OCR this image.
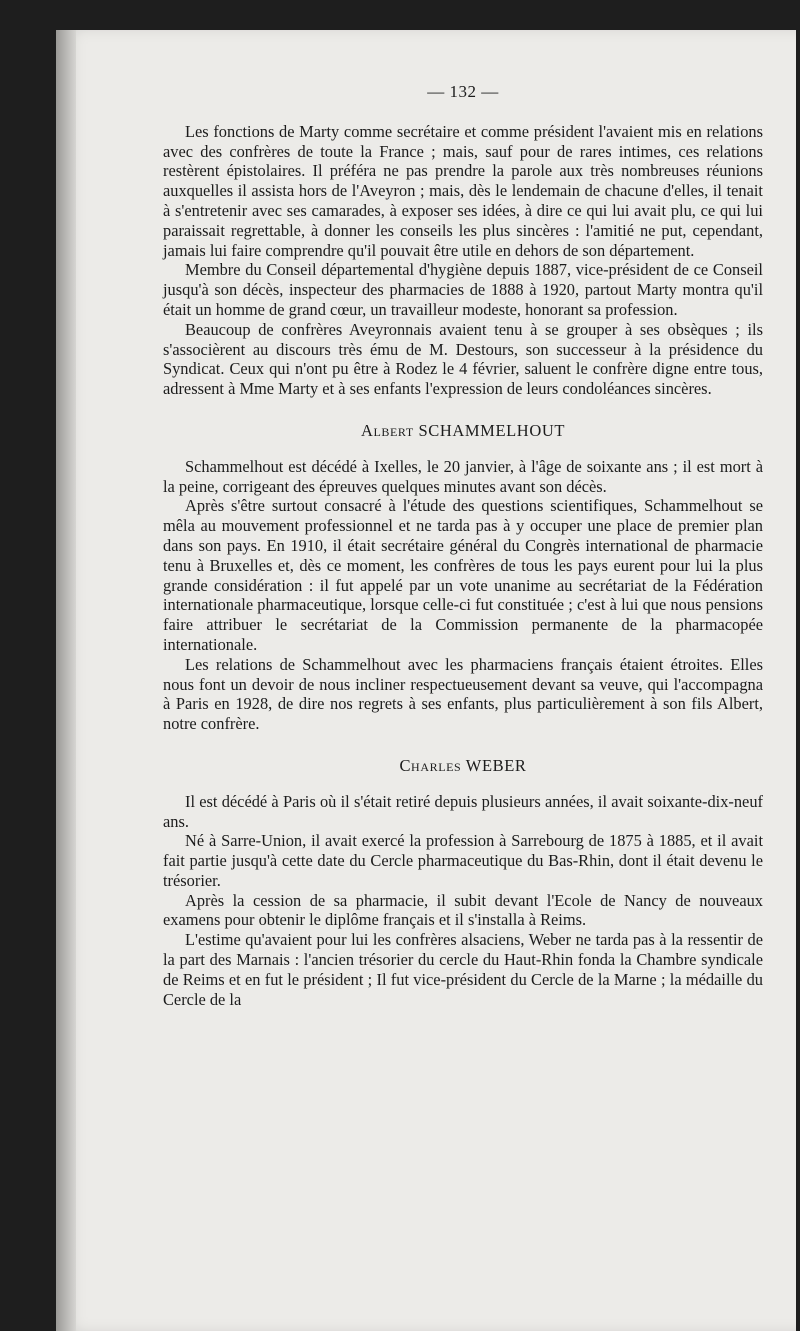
— 132 —

Les fonctions de Marty comme secrétaire et comme président l'avaient mis en relations avec des confrères de toute la France ; mais, sauf pour de rares intimes, ces relations restèrent épistolaires. Il préféra ne pas prendre la parole aux très nombreuses réunions auxquelles il assista hors de l'Aveyron ; mais, dès le lendemain de chacune d'elles, il tenait à s'entretenir avec ses camarades, à exposer ses idées, à dire ce qui lui avait plu, ce qui lui paraissait regrettable, à donner les conseils les plus sincères : l'amitié ne put, cependant, jamais lui faire comprendre qu'il pouvait être utile en dehors de son département.

Membre du Conseil départemental d'hygiène depuis 1887, vice-président de ce Conseil jusqu'à son décès, inspecteur des pharmacies de 1888 à 1920, partout Marty montra qu'il était un homme de grand cœur, un travailleur modeste, honorant sa profession.

Beaucoup de confrères Aveyronnais avaient tenu à se grouper à ses obsèques ; ils s'associèrent au discours très ému de M. Destours, son successeur à la présidence du Syndicat. Ceux qui n'ont pu être à Rodez le 4 février, saluent le confrère digne entre tous, adressent à Mme Marty et à ses enfants l'expression de leurs condoléances sincères.

Albert SCHAMMELHOUT

Schammelhout est décédé à Ixelles, le 20 janvier, à l'âge de soixante ans ; il est mort à la peine, corrigeant des épreuves quelques minutes avant son décès.

Après s'être surtout consacré à l'étude des questions scientifiques, Schammelhout se mêla au mouvement professionnel et ne tarda pas à y occuper une place de premier plan dans son pays. En 1910, il était secrétaire général du Congrès international de pharmacie tenu à Bruxelles et, dès ce moment, les confrères de tous les pays eurent pour lui la plus grande considération : il fut appelé par un vote unanime au secrétariat de la Fédération internationale pharmaceutique, lorsque celle-ci fut constituée ; c'est à lui que nous pensions faire attribuer le secrétariat de la Commission permanente de la pharmacopée internationale.

Les relations de Schammelhout avec les pharmaciens français étaient étroites. Elles nous font un devoir de nous incliner respectueusement devant sa veuve, qui l'accompagna à Paris en 1928, de dire nos regrets à ses enfants, plus particulièrement à son fils Albert, notre confrère.

Charles WEBER

Il est décédé à Paris où il s'était retiré depuis plusieurs années, il avait soixante-dix-neuf ans.

Né à Sarre-Union, il avait exercé la profession à Sarrebourg de 1875 à 1885, et il avait fait partie jusqu'à cette date du Cercle pharmaceutique du Bas-Rhin, dont il était devenu le trésorier.

Après la cession de sa pharmacie, il subit devant l'Ecole de Nancy de nouveaux examens pour obtenir le diplôme français et il s'installa à Reims.

L'estime qu'avaient pour lui les confrères alsaciens, Weber ne tarda pas à la ressentir de la part des Marnais : l'ancien trésorier du cercle du Haut-Rhin fonda la Chambre syndicale de Reims et en fut le président ; Il fut vice-président du Cercle de la Marne ; la médaille du Cercle de la
